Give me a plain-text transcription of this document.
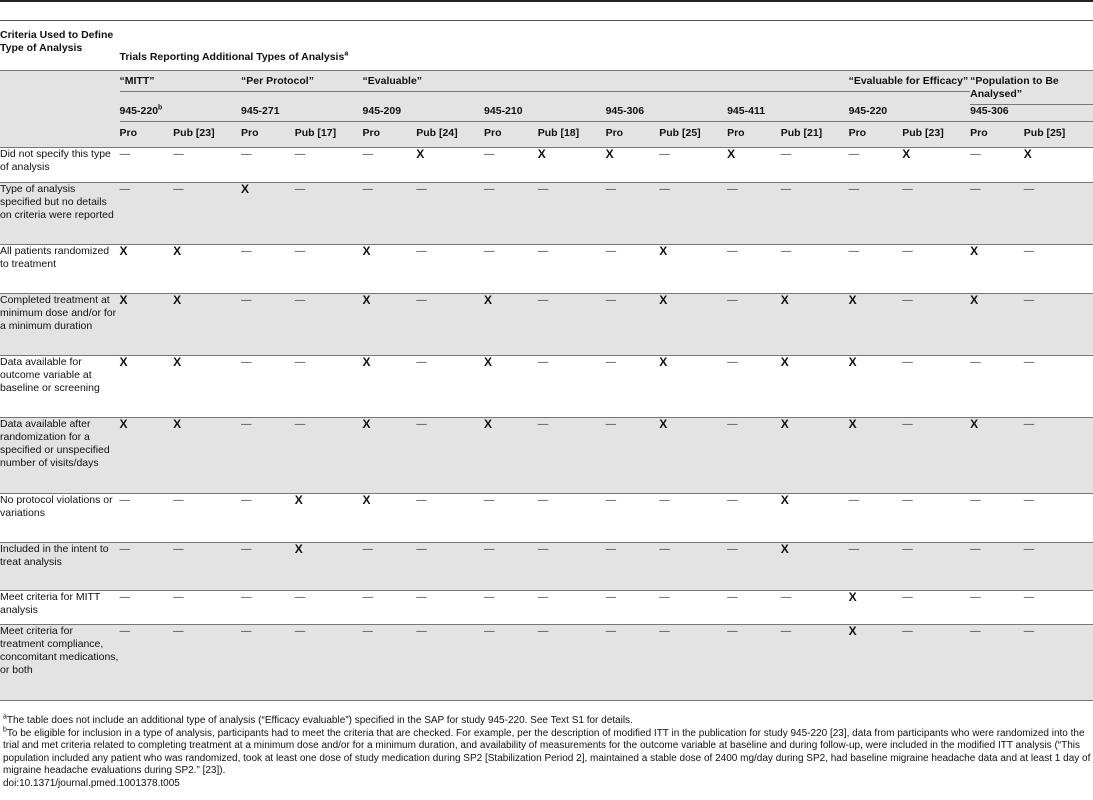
Criteria Used to Define Type of Analysis	Trials Reporting Additional Types of Analysis$^a$

	“MITT”		“Per Protocol”		“Evaluable”								“Evaluable for Efficacy”		“Population to Be Analysed”	

	945-220$^b$		945-271		945-209		945-210		945-306		945-411		945-220		945-306	

	Pro	Pub [23]	Pro	Pub [17]	Pro	Pub [24]	Pro	Pub [18]	Pro	Pub [25]	Pro	Pub [21]	Pro	Pub [23]	Pro	Pub [25]
Did not specify this type of analysis	—	—	—	—	—	X	—	X	X	—	X	—	—	X	—	X
Type of analysis specified but no details on criteria were reported	—	—	X	—	—	—	—	—	—	—	—	—	—	—	—	—
All patients randomized to treatment	X	X	—	—	X	—	—	—	—	X	—	—	—	—	X	—
Completed treatment at minimum dose and/or for a minimum duration	X	X	—	—	X	—	X	—	—	X	—	X	X	—	X	—
Data available for outcome variable at baseline or screening	X	X	—	—	X	—	X	—	—	X	—	X	X	—	—	—
Data available after randomization for a specified or unspecified number of visits/days	X	X	—	—	X	—	X	—	—	X	—	X	X	—	X	—
No protocol violations or variations	—	—	—	X	X	—	—	—	—	—	—	X	—	—	—	—
Included in the intent to treat analysis	—	—	—	X	—	—	—	—	—	—	—	X	—	—	—	—
Meet criteria for MITT analysis	—	—	—	—	—	—	—	—	—	—	—	—	X	—	—	—
Meet criteria for treatment compliance, concomitant medications, or both	—	—	—	—	—	—	—	—	—	—	—	—	X	—	—	—

$^a$The table does not include an additional type of analysis (“Efficacy evaluable”) specified in the SAP for study 945-220. See Text S1 for details.

$^b$To be eligible for inclusion in a type of analysis, participants had to meet the criteria that are checked. For example, per the description of modified ITT in the publication for study 945-220 [23], data from participants who were randomized into the trial and met criteria related to completing treatment at a minimum dose and/or for a minimum duration, and availability of measurements for the outcome variable at baseline and during follow-up, were included in the modified ITT analysis (“This population included any patient who was randomized, took at least one dose of study medication during SP2 [Stabilization Period 2], maintained a stable dose of 2400 mg/day during SP2, had baseline migraine headache data and at least 1 day of migraine headache evaluations during SP2.” [23]).

doi:10.1371/journal.pmed.1001378.t005
